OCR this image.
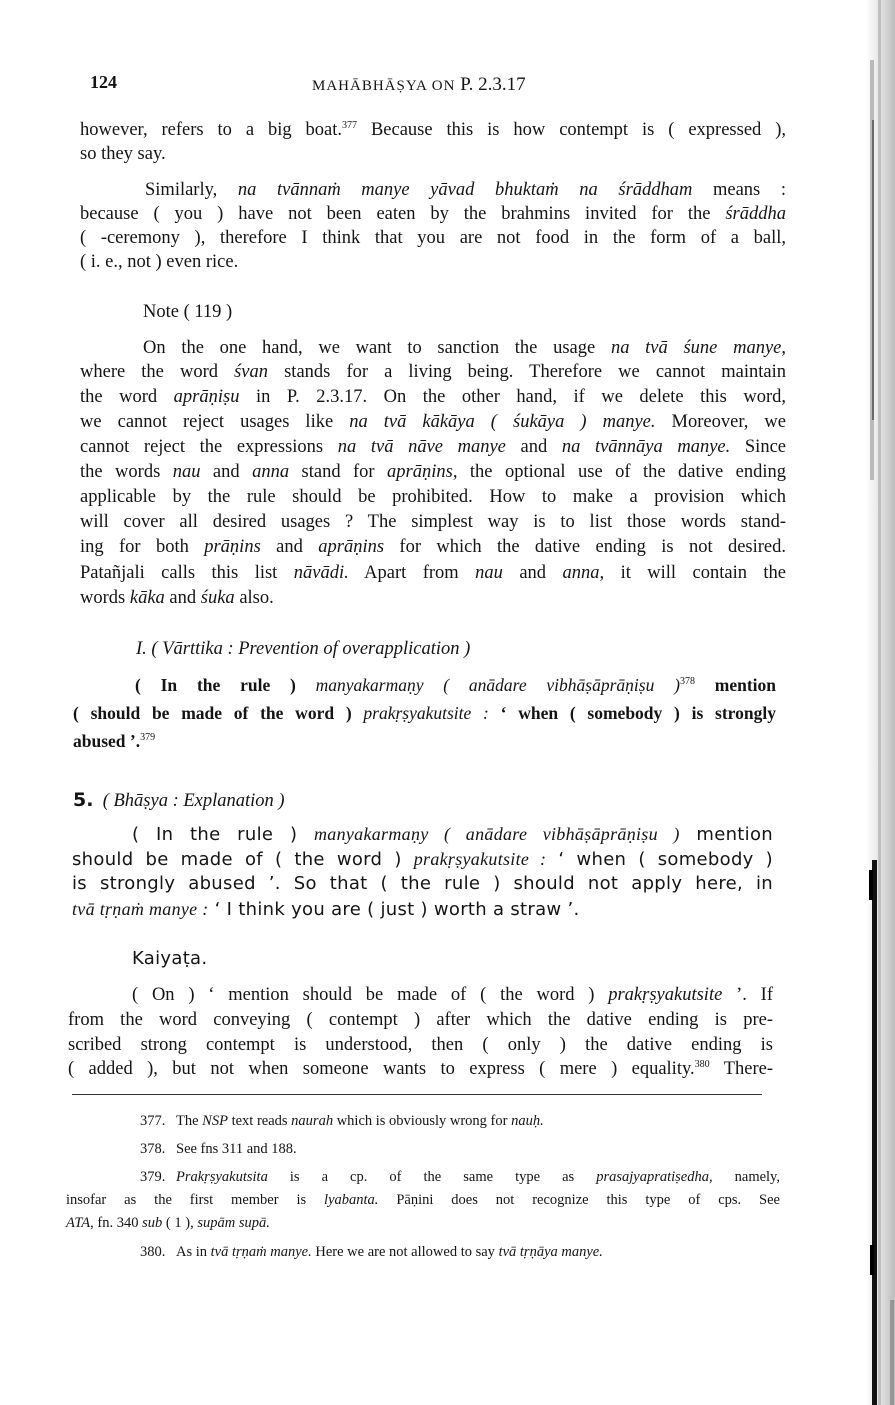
124	MAHĀBHĀṢYA ON P. 2.3.17
however, refers to a big boat.$^{377}$ Because this is how contempt is ( expressed ),
so they say.
Similarly, na tvānnaṁ manye yāvad bhuktaṁ na śrāddham means :
because ( you ) have not been eaten by the brahmins invited for the śrāddha
( -ceremony ), therefore I think that you are not food in the form of a ball,
( i. e., not ) even rice.
Note ( 119 )
On the one hand, we want to sanction the usage na tvā śune manye,
where the word śvan stands for a living being. Therefore we cannot maintain
the word aprāṇiṣu in P. 2.3.17. On the other hand, if we delete this word,
we cannot reject usages like na tvā kākāya ( śukāya ) manye. Moreover, we
cannot reject the expressions na tvā nāve manye and na tvānnāya manye. Since
the words nau and anna stand for aprāṇins, the optional use of the dative ending
applicable by the rule should be prohibited. How to make a provision which
will cover all desired usages ? The simplest way is to list those words stand-
ing for both prāṇins and aprāṇins for which the dative ending is not desired.
Patañjali calls this list nāvādi. Apart from nau and anna, it will contain the
words kāka and śuka also.
I. ( Vārttika : Prevention of overapplication )
( In the rule ) manyakarmaṇy ( anādare vibhāṣāprāṇiṣu )$^{378}$ mention
( should be made of the word ) prakṛṣyakutsite : ‘ when ( somebody ) is strongly
abused ’.$^{379}$
5. ( Bhāṣya : Explanation )
( In the rule ) manyakarmaṇy ( anādare vibhāṣāprāṇiṣu ) mention
should be made of ( the word ) prakṛṣyakutsite : ‘ when ( somebody )
is strongly abused ’. So that ( the rule ) should not apply here, in
tvā tṛṇaṁ manye : ‘ I think you are ( just ) worth a straw ’.
Kaiyaṭa.
( On ) ‘ mention should be made of ( the word ) prakṛṣyakutsite ’. If
from the word conveying ( contempt ) after which the dative ending is pre-
scribed strong contempt is understood, then ( only ) the dative ending is
( added ), but not when someone wants to express ( mere ) equality.$^{380}$ There-
377. The NSP text reads naurah which is obviously wrong for nauḥ.
378. See fns 311 and 188.
379. Prakṛṣyakutsita is a cp. of the same type as prasajyapratiṣedha, namely,
insofar as the first member is lyabanta. Pāṇini does not recognize this type of cps. See
ATA, fn. 340 sub ( 1 ), supām supā.
380. As in tvā tṛṇaṁ manye. Here we are not allowed to say tvā tṛṇāya manye.
